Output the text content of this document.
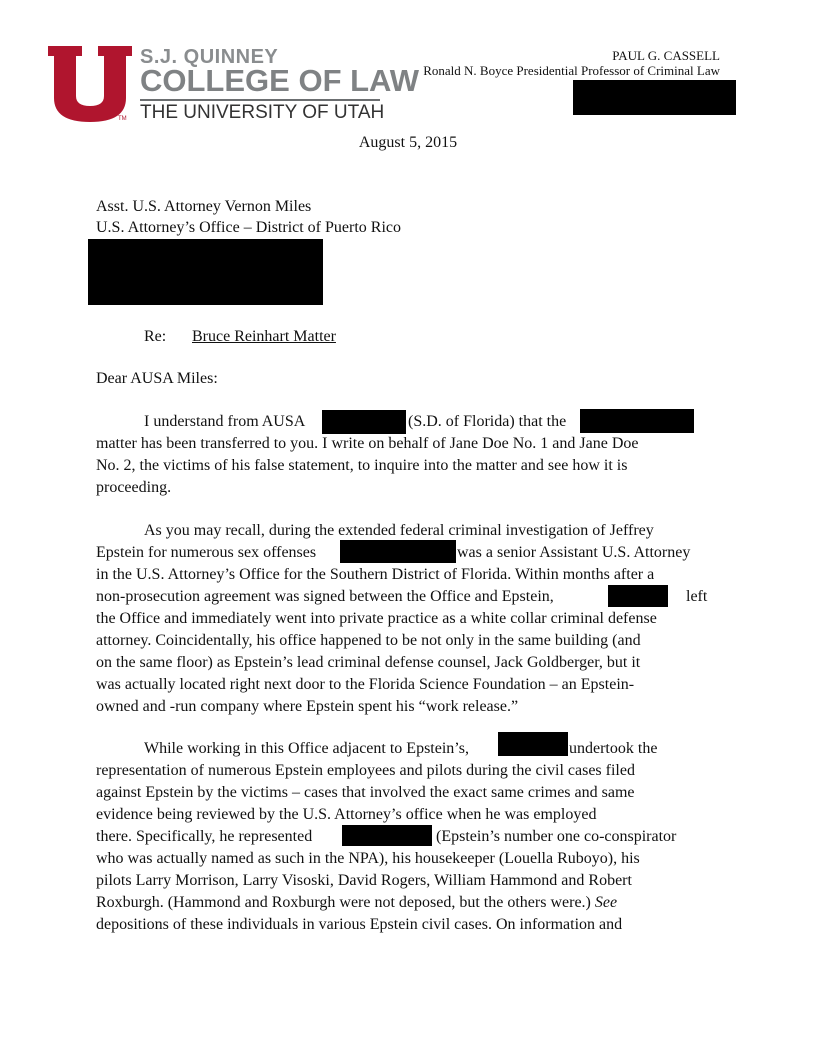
TM
S.J. QUINNEY
COLLEGE OF LAW
THE UNIVERSITY OF UTAH
PAUL G. CASSELL
Ronald N. Boyce Presidential Professor of Criminal Law
August 5, 2015
Asst. U.S. Attorney Vernon Miles
U.S. Attorney’s Office – District of Puerto Rico
Re: Bruce Reinhart Matter
Dear AUSA Miles:
I understand from AUSA	(S.D. of Florida) that the
matter has been transferred to you. I write on behalf of Jane Doe No. 1 and Jane Doe
No. 2, the victims of his false statement, to inquire into the matter and see how it is
proceeding.
As you may recall, during the extended federal criminal investigation of Jeffrey
Epstein for numerous sex offenses	was a senior Assistant U.S. Attorney
in the U.S. Attorney’s Office for the Southern District of Florida. Within months after a
non-prosecution agreement was signed between the Office and Epstein,	left
the Office and immediately went into private practice as a white collar criminal defense
attorney. Coincidentally, his office happened to be not only in the same building (and
on the same floor) as Epstein’s lead criminal defense counsel, Jack Goldberger, but it
was actually located right next door to the Florida Science Foundation – an Epstein-
owned and -run company where Epstein spent his “work release.”
While working in this Office adjacent to Epstein’s,	undertook the
representation of numerous Epstein employees and pilots during the civil cases filed
against Epstein by the victims – cases that involved the exact same crimes and same
evidence being reviewed by the U.S. Attorney’s office when he was employed
there. Specifically, he represented	(Epstein’s number one co-conspirator
who was actually named as such in the NPA), his housekeeper (Louella Ruboyo), his
pilots Larry Morrison, Larry Visoski, David Rogers, William Hammond and Robert
Roxburgh. (Hammond and Roxburgh were not deposed, but the others were.) See
depositions of these individuals in various Epstein civil cases. On information and
